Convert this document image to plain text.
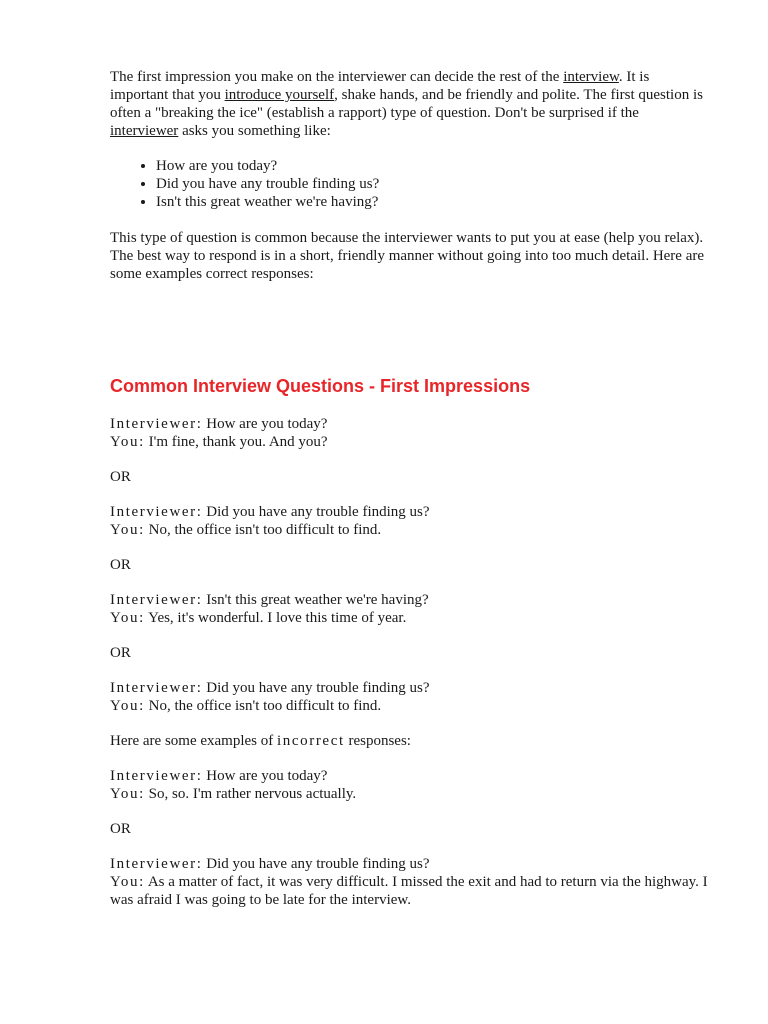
The first impression you make on the interviewer can decide the rest of the interview. It is important that you introduce yourself, shake hands, and be friendly and polite. The first question is often a "breaking the ice" (establish a rapport) type of question. Don't be surprised if the interviewer asks you something like:

• How are you today?
• Did you have any trouble finding us?
• Isn't this great weather we're having?

This type of question is common because the interviewer wants to put you at ease (help you relax). The best way to respond is in a short, friendly manner without going into too much detail. Here are some examples correct responses:

Common Interview Questions - First Impressions

Interviewer: How are you today?

You: I'm fine, thank you. And you?

OR

Interviewer: Did you have any trouble finding us?

You: No, the office isn't too difficult to find.

OR

Interviewer: Isn't this great weather we're having?

You: Yes, it's wonderful. I love this time of year.

OR

Interviewer: Did you have any trouble finding us?

You: No, the office isn't too difficult to find.

Here are some examples of incorrect responses:

Interviewer: How are you today?

You: So, so. I'm rather nervous actually.

OR

Interviewer: Did you have any trouble finding us?

You: As a matter of fact, it was very difficult. I missed the exit and had to return via the highway. I was afraid I was going to be late for the interview.
